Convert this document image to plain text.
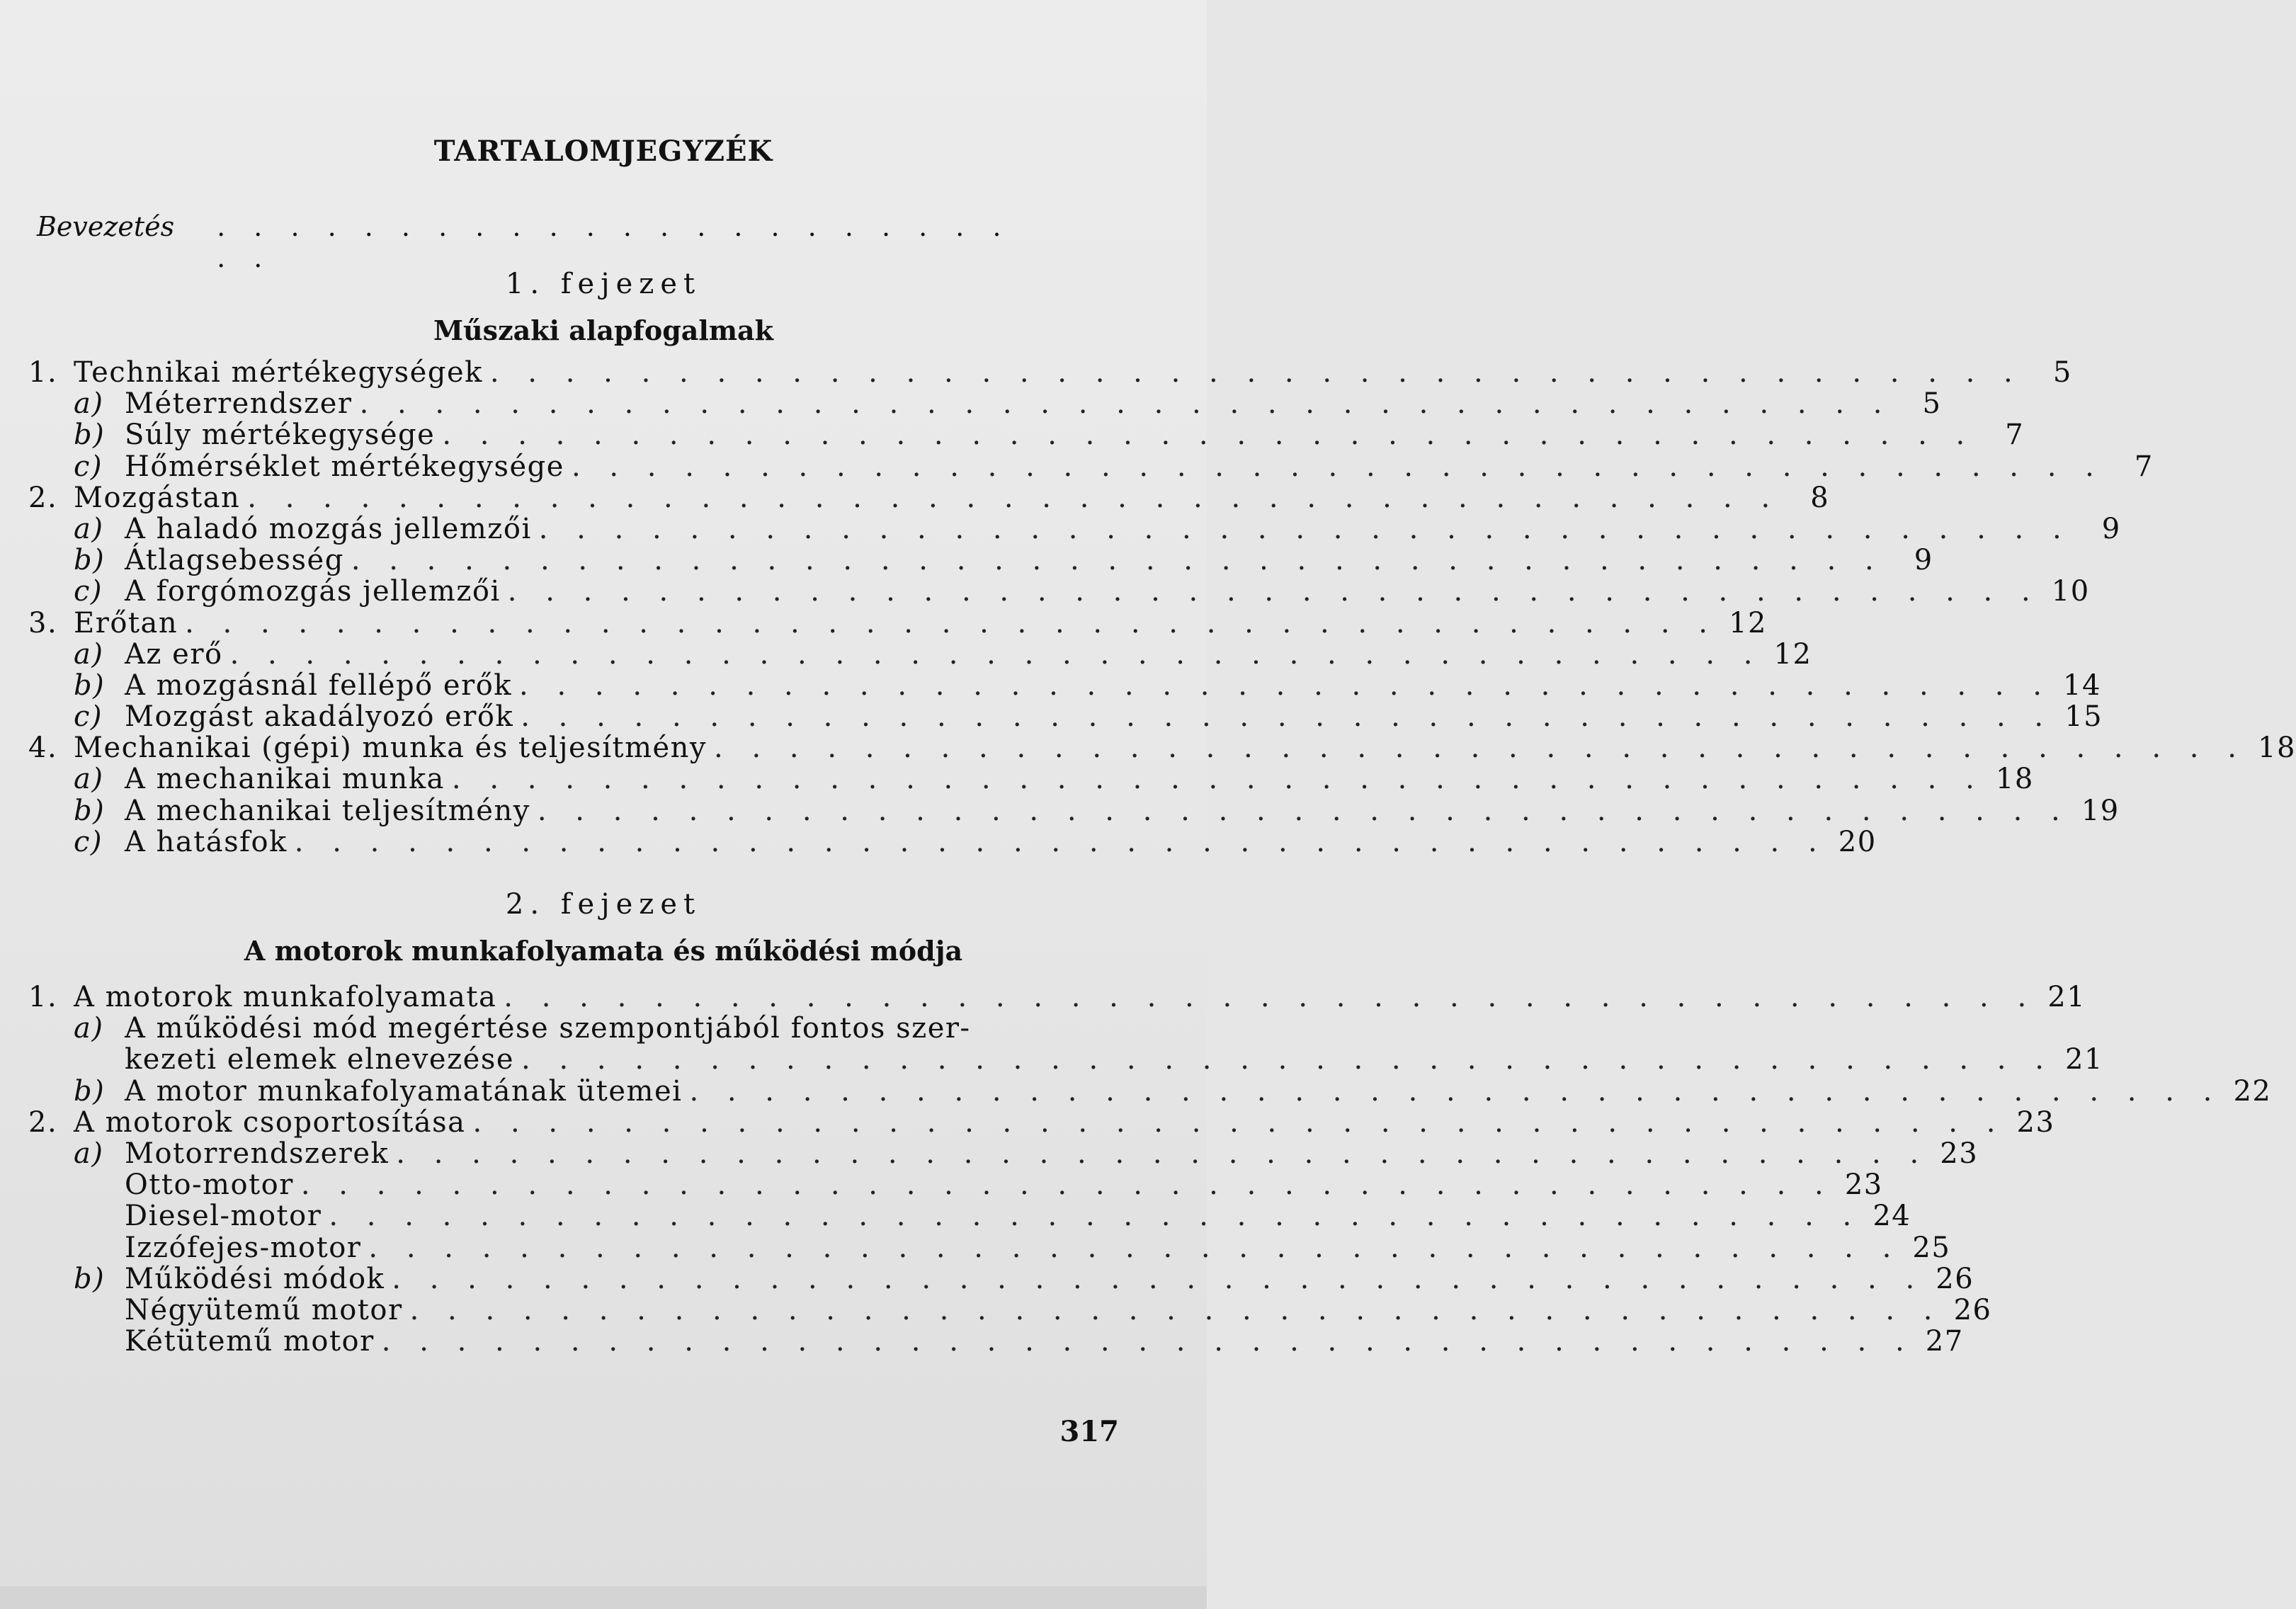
TARTALOMJEGYZÉK
Bevezetés . . . . . . . . . . . . . . . . . . . . . . . .
1. fejezet
Műszaki alapfogalmak
1. Technikai mértékegységek . . . . . . . . . . . . . . . . . . . . . . . . . . . . . . . . . . . . . . . . .	5
a) Méterrendszer . . . . . . . . . . . . . . . . . . . . . . . . . . . . . . . . . . . . . . . . .	5
b) Súly mértékegysége . . . . . . . . . . . . . . . . . . . . . . . . . . . . . . . . . . . . . . . . .	7
c) Hőmérséklet mértékegysége . . . . . . . . . . . . . . . . . . . . . . . . . . . . . . . . . . . . . . . . .	7
2. Mozgástan . . . . . . . . . . . . . . . . . . . . . . . . . . . . . . . . . . . . . . . . .	8
a) A haladó mozgás jellemzői . . . . . . . . . . . . . . . . . . . . . . . . . . . . . . . . . . . . . . . . .	9
b) Átlagsebesség . . . . . . . . . . . . . . . . . . . . . . . . . . . . . . . . . . . . . . . . .	9
c) A forgómozgás jellemzői . . . . . . . . . . . . . . . . . . . . . . . . . . . . . . . . . . . . . . . . . 10
3. Erőtan . . . . . . . . . . . . . . . . . . . . . . . . . . . . . . . . . . . . . . . . . 12
a) Az erő . . . . . . . . . . . . . . . . . . . . . . . . . . . . . . . . . . . . . . . . . 12
b) A mozgásnál fellépő erők . . . . . . . . . . . . . . . . . . . . . . . . . . . . . . . . . . . . . . . . . 14
c) Mozgást akadályozó erők . . . . . . . . . . . . . . . . . . . . . . . . . . . . . . . . . . . . . . . . . 15
4. Mechanikai (gépi) munka és teljesítmény . . . . . . . . . . . . . . . . . . . . . . . . . . . . . . . . . . . . . . . . . 18
a) A mechanikai munka . . . . . . . . . . . . . . . . . . . . . . . . . . . . . . . . . . . . . . . . . 18
b) A mechanikai teljesítmény . . . . . . . . . . . . . . . . . . . . . . . . . . . . . . . . . . . . . . . . . 19
c) A hatásfok . . . . . . . . . . . . . . . . . . . . . . . . . . . . . . . . . . . . . . . . . 20
2. fejezet
A motorok munkafolyamata és működési módja
1. A motorok munkafolyamata . . . . . . . . . . . . . . . . . . . . . . . . . . . . . . . . . . . . . . . . . 21
a) A működési mód megértése szempontjából fontos szer-
kezeti elemek elnevezése . . . . . . . . . . . . . . . . . . . . . . . . . . . . . . . . . . . . . . . . . 21
b) A motor munkafolyamatának ütemei . . . . . . . . . . . . . . . . . . . . . . . . . . . . . . . . . . . . . . . . . 22
2. A motorok csoportosítása . . . . . . . . . . . . . . . . . . . . . . . . . . . . . . . . . . . . . . . . . 23
a) Motorrendszerek . . . . . . . . . . . . . . . . . . . . . . . . . . . . . . . . . . . . . . . . . 23
Otto-motor . . . . . . . . . . . . . . . . . . . . . . . . . . . . . . . . . . . . . . . . . 23
Diesel-motor . . . . . . . . . . . . . . . . . . . . . . . . . . . . . . . . . . . . . . . . . 24
Izzófejes-motor . . . . . . . . . . . . . . . . . . . . . . . . . . . . . . . . . . . . . . . . . 25
b) Működési módok . . . . . . . . . . . . . . . . . . . . . . . . . . . . . . . . . . . . . . . . . 26
Négyütemű motor . . . . . . . . . . . . . . . . . . . . . . . . . . . . . . . . . . . . . . . . . 26
Kétütemű motor . . . . . . . . . . . . . . . . . . . . . . . . . . . . . . . . . . . . . . . . . 27
317
